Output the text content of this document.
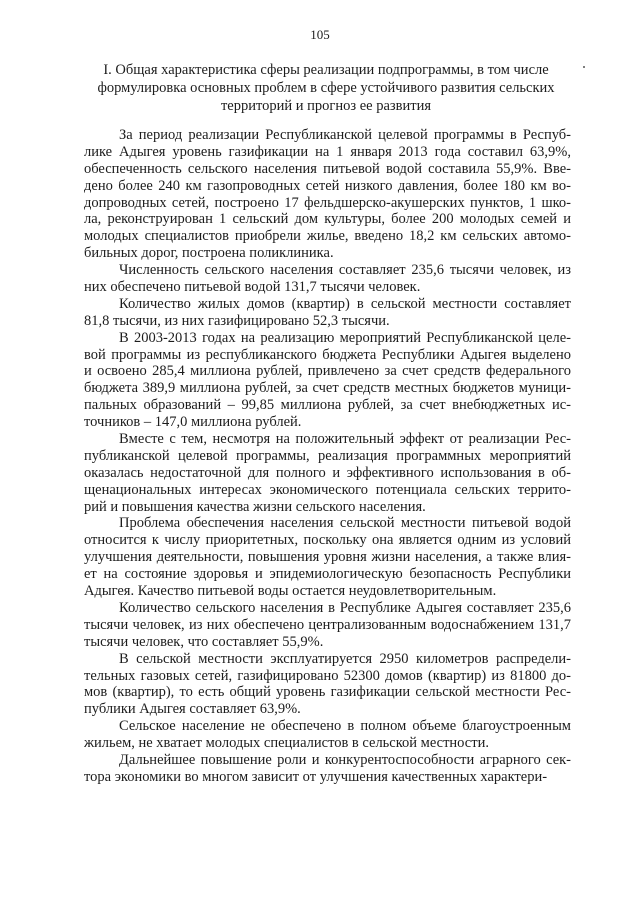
105
I. Общая характеристика сферы реализации подпрограммы, в том числе
формулировка основных проблем в сфере устойчивого развития сельских
территорий и прогноз ее развития

За период реализации Республиканской целевой программы в Респуб-
лике Адыгея уровень газификации на 1 января 2013 года составил 63,9%,
обеспеченность сельского населения питьевой водой составила 55,9%. Вве-
дено более 240 км газопроводных сетей низкого давления, более 180 км во-
допроводных сетей, построено 17 фельдшерско-акушерских пунктов, 1 шко-
ла, реконструирован 1 сельский дом культуры, более 200 молодых семей и
молодых специалистов приобрели жилье, введено 18,2 км сельских автомо-
бильных дорог, построена поликлиника.

Численность сельского населения составляет 235,6 тысячи человек, из
них обеспечено питьевой водой 131,7 тысячи человек.

Количество жилых домов (квартир) в сельской местности составляет
81,8 тысячи, из них газифицировано 52,3 тысячи.

В 2003-2013 годах на реализацию мероприятий Республиканской целе-
вой программы из республиканского бюджета Республики Адыгея выделено
и освоено 285,4 миллиона рублей, привлечено за счет средств федерального
бюджета 389,9 миллиона рублей, за счет средств местных бюджетов муници-
пальных образований – 99,85 миллиона рублей, за счет внебюджетных ис-
точников – 147,0 миллиона рублей.

Вместе с тем, несмотря на положительный эффект от реализации Рес-
публиканской целевой программы, реализация программных мероприятий
оказалась недостаточной для полного и эффективного использования в об-
щенациональных интересах экономического потенциала сельских террито-
рий и повышения качества жизни сельского населения.

Проблема обеспечения населения сельской местности питьевой водой
относится к числу приоритетных, поскольку она является одним из условий
улучшения деятельности, повышения уровня жизни населения, а также влия-
ет на состояние здоровья и эпидемиологическую безопасность Республики
Адыгея. Качество питьевой воды остается неудовлетворительным.

Количество сельского населения в Республике Адыгея составляет 235,6
тысячи человек, из них обеспечено централизованным водоснабжением 131,7
тысячи человек, что составляет 55,9%.

В сельской местности эксплуатируется 2950 километров распредели-
тельных газовых сетей, газифицировано 52300 домов (квартир) из 81800 до-
мов (квартир), то есть общий уровень газификации сельской местности Рес-
публики Адыгея составляет 63,9%.

Сельское население не обеспечено в полном объеме благоустроенным
жильем, не хватает молодых специалистов в сельской местности.

Дальнейшее повышение роли и конкурентоспособности аграрного сек-
тора экономики во многом зависит от улучшения качественных характери-
